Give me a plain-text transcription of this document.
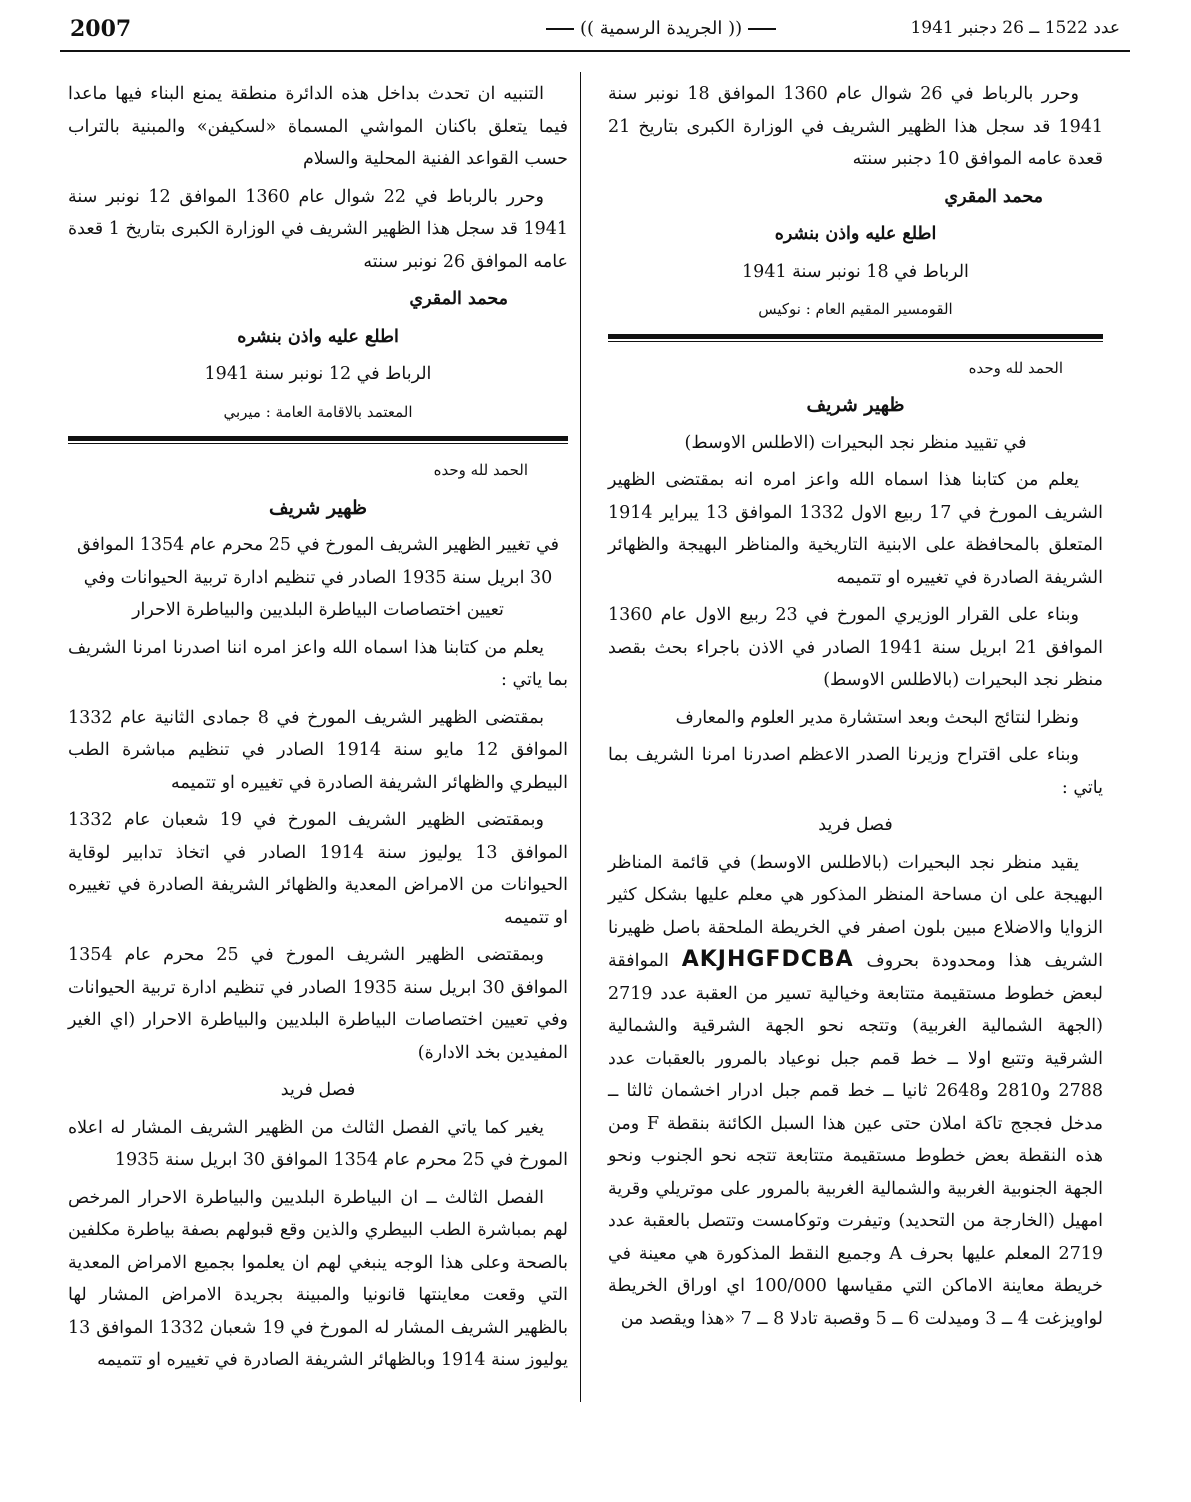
2007	(( الجريدة الرسمية ))	عدد 1522 ــ 26 دجنبر 1941

وحرر بالرباط في 26 شوال عام 1360 الموافق 18 نونبر سنة 1941 قد سجل هذا الظهير الشريف في الوزارة الكبرى بتاريخ 21 قعدة عامه الموافق 10 دجنبر سنته

محمد المقري

اطلع عليه واذن بنشره

الرباط في 18 نونبر سنة 1941

القومسير المقيم العام : نوكيس

الحمد لله وحده

ظهير شريف

في تقييد منظر نجد البحيرات (الاطلس الاوسط)

يعلم من كتابنا هذا اسماه الله واعز امره انه بمقتضى الظهير الشريف المورخ في 17 ربيع الاول 1332 الموافق 13 يبراير 1914 المتعلق بالمحافظة على الابنية التاريخية والمناظر البهيجة والظهائر الشريفة الصادرة في تغييره او تتميمه

وبناء على القرار الوزيري المورخ في 23 ربيع الاول عام 1360 الموافق 21 ابريل سنة 1941 الصادر في الاذن باجراء بحث بقصد منظر نجد البحيرات (بالاطلس الاوسط)

ونظرا لنتائج البحث وبعد استشارة مدير العلوم والمعارف

وبناء على اقتراح وزيرنا الصدر الاعظم اصدرنا امرنا الشريف بما ياتي :

فصل فريد

يقيد منظر نجد البحيرات (بالاطلس الاوسط) في قائمة المناظر البهيجة على ان مساحة المنظر المذكور هي معلم عليها بشكل كثير الزوايا والاضلاع مبين بلون اصفر في الخريطة الملحقة باصل ظهيرنا الشريف هذا ومحدودة بحروف AKJHGFDCBA الموافقة لبعض خطوط مستقيمة متتابعة وخيالية تسير من العقبة عدد 2719 (الجهة الشمالية الغربية) وتتجه نحو الجهة الشرقية والشمالية الشرقية وتتبع اولا ــ خط قمم جبل نوعياد بالمرور بالعقبات عدد 2788 و2810 و2648 ثانيا ــ خط قمم جبل ادرار اخشمان ثالثا ــ مدخل فججج تاكة املان حتى عين هذا السبل الكائنة بنقطة F ومن هذه النقطة بعض خطوط مستقيمة متتابعة تتجه نحو الجنوب ونحو الجهة الجنوبية الغربية والشمالية الغربية بالمرور على موتريلي وقرية امهيل (الخارجة من التحديد) وتيفرت وتوكامست وتتصل بالعقبة عدد 2719 المعلم عليها بحرف A وجميع النقط المذكورة هي معينة في خريطة معاينة الاماكن التي مقياسها 100/000 اي اوراق الخريطة لواويزغت 4 ــ 3 وميدلت 6 ــ 5 وقصبة تادلا 8 ــ 7 «هذا ويقصد من

التنبيه ان تحدث بداخل هذه الدائرة منطقة يمنع البناء فيها ماعدا فيما يتعلق باكنان المواشي المسماة «لسكيفن» والمبنية بالتراب حسب القواعد الفنية المحلية والسلام

وحرر بالرباط في 22 شوال عام 1360 الموافق 12 نونبر سنة 1941 قد سجل هذا الظهير الشريف في الوزارة الكبرى بتاريخ 1 قعدة عامه الموافق 26 نونبر سنته

محمد المقري

اطلع عليه واذن بنشره

الرباط في 12 نونبر سنة 1941

المعتمد بالاقامة العامة : ميربي

الحمد لله وحده

ظهير شريف

في تغيير الظهير الشريف المورخ في 25 محرم عام 1354 الموافق 30 ابريل سنة 1935 الصادر في تنظيم ادارة تربية الحيوانات وفي تعيين اختصاصات البياطرة البلديين والبياطرة الاحرار

يعلم من كتابنا هذا اسماه الله واعز امره اننا اصدرنا امرنا الشريف بما ياتي :

بمقتضى الظهير الشريف المورخ في 8 جمادى الثانية عام 1332 الموافق 12 مايو سنة 1914 الصادر في تنظيم مباشرة الطب البيطري والظهائر الشريفة الصادرة في تغييره او تتميمه

وبمقتضى الظهير الشريف المورخ في 19 شعبان عام 1332 الموافق 13 يوليوز سنة 1914 الصادر في اتخاذ تدابير لوقاية الحيوانات من الامراض المعدية والظهائر الشريفة الصادرة في تغييره او تتميمه

وبمقتضى الظهير الشريف المورخ في 25 محرم عام 1354 الموافق 30 ابريل سنة 1935 الصادر في تنظيم ادارة تربية الحيوانات وفي تعيين اختصاصات البياطرة البلديين والبياطرة الاحرار (اي الغير المفيدين بخد الادارة)

فصل فريد

يغير كما ياتي الفصل الثالث من الظهير الشريف المشار له اعلاه المورخ في 25 محرم عام 1354 الموافق 30 ابريل سنة 1935

الفصل الثالث ــ ان البياطرة البلديين والبياطرة الاحرار المرخص لهم بمباشرة الطب البيطري والذين وقع قبولهم بصفة بياطرة مكلفين بالصحة وعلى هذا الوجه ينبغي لهم ان يعلموا بجميع الامراض المعدية التي وقعت معاينتها قانونيا والمبينة بجريدة الامراض المشار لها بالظهير الشريف المشار له المورخ في 19 شعبان 1332 الموافق 13 يوليوز سنة 1914 وبالظهائر الشريفة الصادرة في تغييره او تتميمه
